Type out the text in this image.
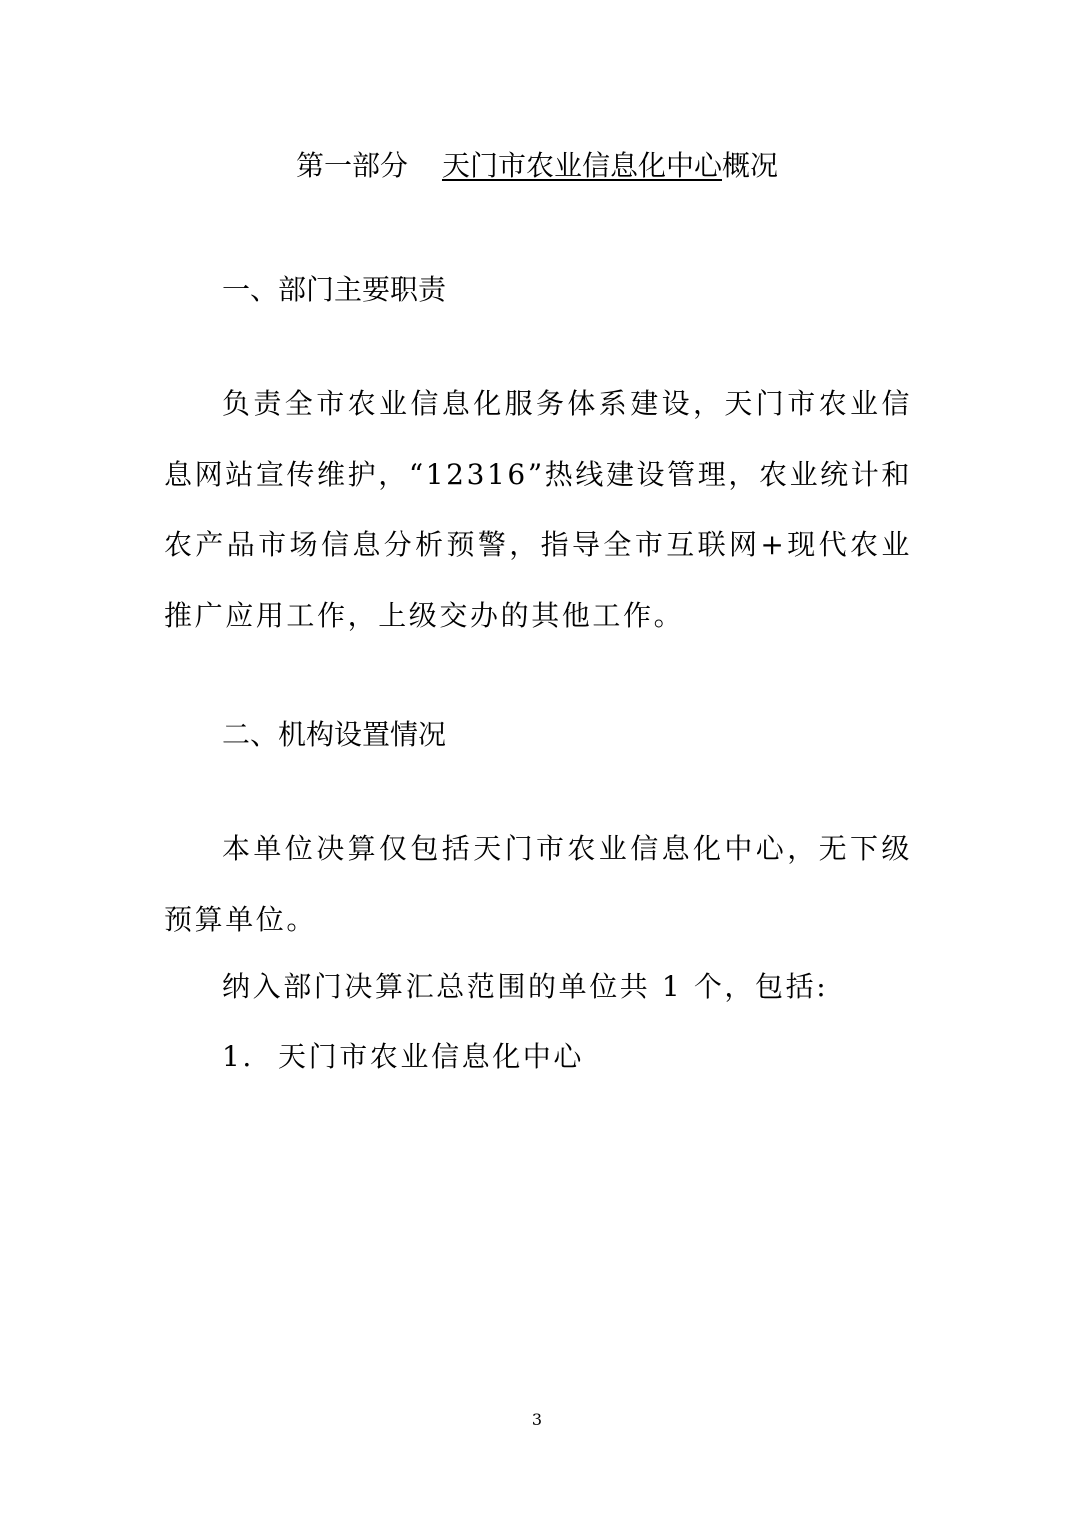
第一部分 天门市农业信息化中心概况
一、部门主要职责

负责全市农业信息化服务体系建设，天门市农业信息网站宣传维护，“12316”热线建设管理，农业统计和农产品市场信息分析预警，指导全市互联网+现代农业推广应用工作，上级交办的其他工作。

二、机构设置情况

本单位决算仅包括天门市农业信息化中心，无下级预算单位。

纳入部门决算汇总范围的单位共 1 个，包括:
1. 天门市农业信息化中心
3
